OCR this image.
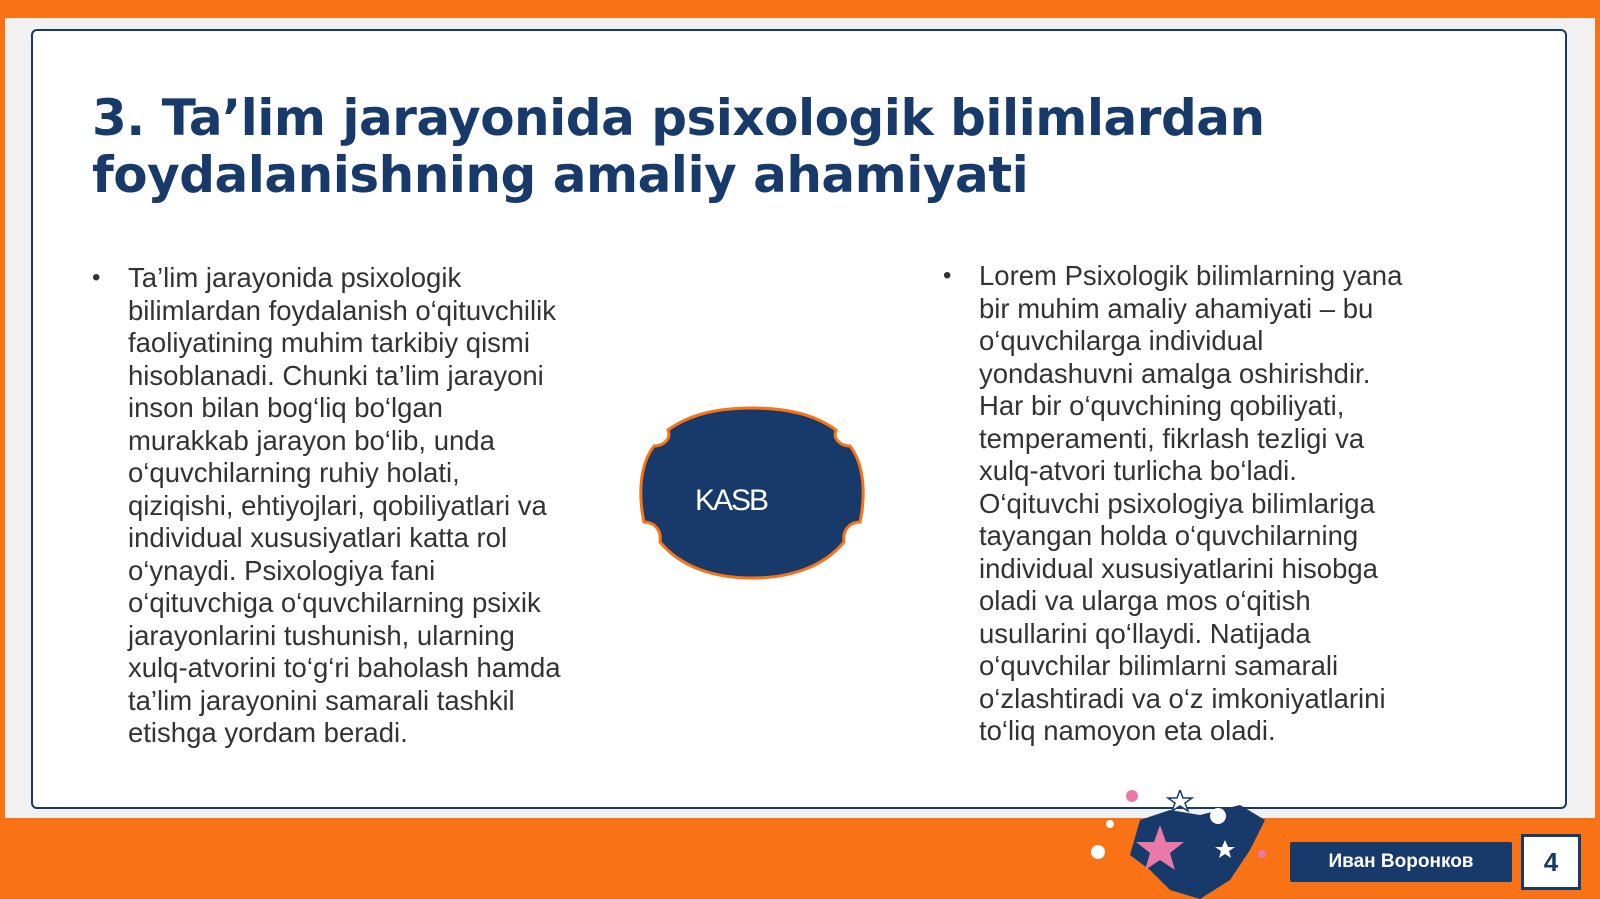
3. Ta’lim jarayonida psixologik bilimlardan foydalanishning amaliy ahamiyati
•	Ta’lim jarayonida psixologik bilimlardan foydalanish o‘qituvchilik faoliyatining muhim tarkibiy qismi hisoblanadi. Chunki ta’lim jarayoni inson bilan bog‘liq bo‘lgan murakkab jarayon bo‘lib, unda o‘quvchilarning ruhiy holati, qiziqishi, ehtiyojlari, qobiliyatlari va individual xususiyatlari katta rol o‘ynaydi. Psixologiya fani o‘qituvchiga o‘quvchilarning psixik jarayonlarini tushunish, ularning xulq-atvorini to‘g‘ri baholash hamda ta’lim jarayonini samarali tashkil etishga yordam beradi.
KASB
•	Lorem Psixologik bilimlarning yana bir muhim amaliy ahamiyati – bu o‘quvchilarga individual yondashuvni amalga oshirishdir. Har bir o‘quvchining qobiliyati, temperamenti, fikrlash tezligi va xulq-atvori turlicha bo‘ladi. O‘qituvchi psixologiya bilimlariga tayangan holda o‘quvchilarning individual xususiyatlarini hisobga oladi va ularga mos o‘qitish usullarini qo‘llaydi. Natijada o‘quvchilar bilimlarni samarali o‘zlashtiradi va o‘z imkoniyatlarini to‘liq namoyon eta oladi.
Иван Воронков	4
